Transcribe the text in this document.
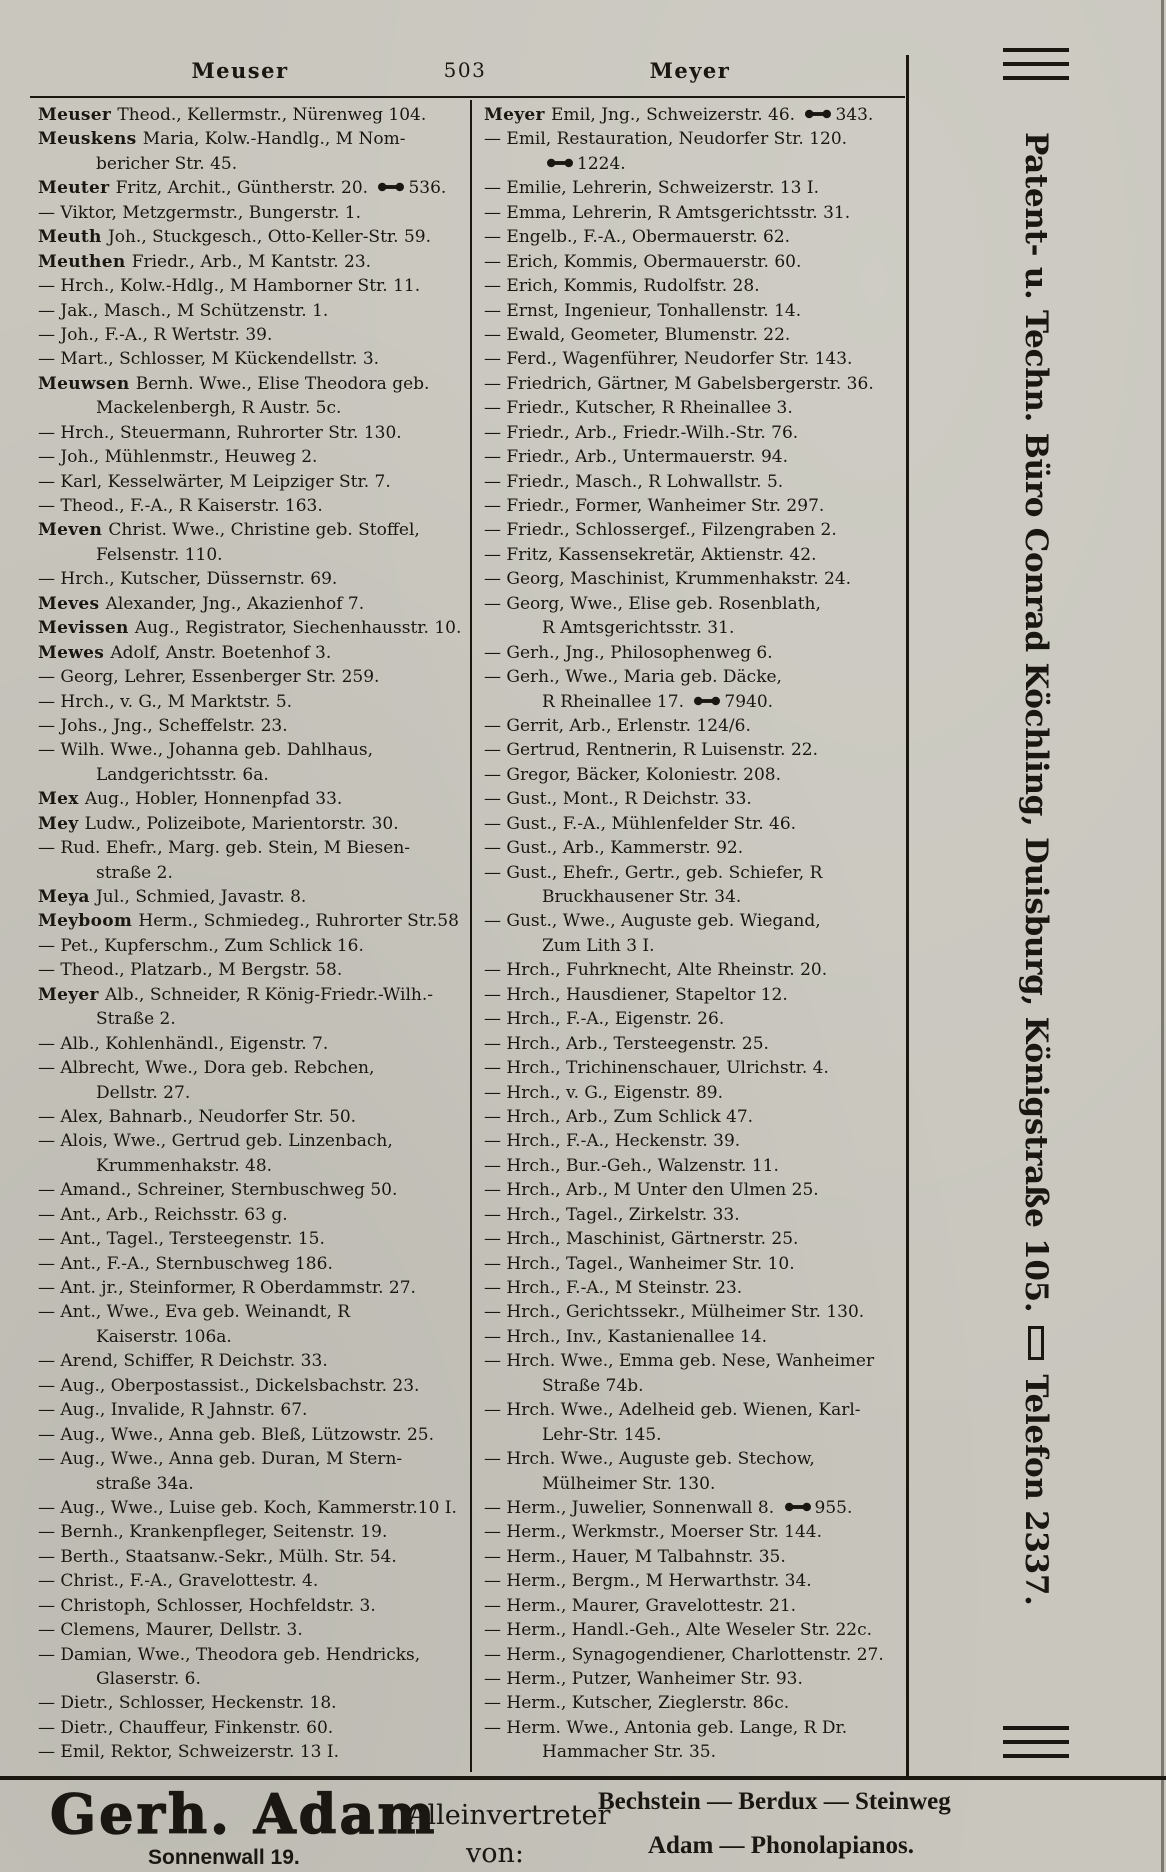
Meuser	503	Meyer
Meuser Theod., Kellermstr., Nürenweg 104.
Meuskens Maria, Kolw.-Handlg., M Nom-
bericher Str. 45.
Meuter Fritz, Archit., Güntherstr. 20.
536.
— Viktor, Metzgermstr., Bungerstr. 1.
Meuth Joh., Stuckgesch., Otto-Keller-Str. 59.
Meuthen Friedr., Arb., M Kantstr. 23.
— Hrch., Kolw.-Hdlg., M Hamborner Str. 11.
— Jak., Masch., M Schützenstr. 1.
— Joh., F.-A., R Wertstr. 39.
— Mart., Schlosser, M Kückendellstr. 3.
Meuwsen Bernh. Wwe., Elise Theodora geb.
Mackelenbergh, R Austr. 5c.
— Hrch., Steuermann, Ruhrorter Str. 130.
— Joh., Mühlenmstr., Heuweg 2.
— Karl, Kesselwärter, M Leipziger Str. 7.
— Theod., F.-A., R Kaiserstr. 163.
Meven Christ. Wwe., Christine geb. Stoffel,
Felsenstr. 110.
— Hrch., Kutscher, Düssernstr. 69.
Meves Alexander, Jng., Akazienhof 7.
Mevissen Aug., Registrator, Siechenhausstr. 10.
Mewes Adolf, Anstr. Boetenhof 3.
— Georg, Lehrer, Essenberger Str. 259.
— Hrch., v. G., M Marktstr. 5.
— Johs., Jng., Scheffelstr. 23.
— Wilh. Wwe., Johanna geb. Dahlhaus,
Landgerichtsstr. 6a.
Mex Aug., Hobler, Honnenpfad 33.
Mey Ludw., Polizeibote, Marientorstr. 30.
— Rud. Ehefr., Marg. geb. Stein, M Biesen-
straße 2.
Meya Jul., Schmied, Javastr. 8.
Meyboom Herm., Schmiedeg., Ruhrorter Str.58
— Pet., Kupferschm., Zum Schlick 16.
— Theod., Platzarb., M Bergstr. 58.
Meyer Alb., Schneider, R König-Friedr.-Wilh.-
Straße 2.
— Alb., Kohlenhändl., Eigenstr. 7.
— Albrecht, Wwe., Dora geb. Rebchen,
Dellstr. 27.
— Alex, Bahnarb., Neudorfer Str. 50.
— Alois, Wwe., Gertrud geb. Linzenbach,
Krummenhakstr. 48.
— Amand., Schreiner, Sternbuschweg 50.
— Ant., Arb., Reichsstr. 63 g.
— Ant., Tagel., Tersteegenstr. 15.
— Ant., F.-A., Sternbuschweg 186.
— Ant. jr., Steinformer, R Oberdammstr. 27.
— Ant., Wwe., Eva geb. Weinandt, R
Kaiserstr. 106a.
— Arend, Schiffer, R Deichstr. 33.
— Aug., Oberpostassist., Dickelsbachstr. 23.
— Aug., Invalide, R Jahnstr. 67.
— Aug., Wwe., Anna geb. Bleß, Lützowstr. 25.
— Aug., Wwe., Anna geb. Duran, M Stern-
straße 34a.
— Aug., Wwe., Luise geb. Koch, Kammerstr.10 I.
— Bernh., Krankenpfleger, Seitenstr. 19.
— Berth., Staatsanw.-Sekr., Mülh. Str. 54.
— Christ., F.-A., Gravelottestr. 4.
— Christoph, Schlosser, Hochfeldstr. 3.
— Clemens, Maurer, Dellstr. 3.
— Damian, Wwe., Theodora geb. Hendricks,
Glaserstr. 6.
— Dietr., Schlosser, Heckenstr. 18.
— Dietr., Chauffeur, Finkenstr. 60.
— Emil, Rektor, Schweizerstr. 13 I.
Meyer Emil, Jng., Schweizerstr. 46.
343.
— Emil, Restauration, Neudorfer Str. 120.
1224.
— Emilie, Lehrerin, Schweizerstr. 13 I.
— Emma, Lehrerin, R Amtsgerichtsstr. 31.
— Engelb., F.-A., Obermauerstr. 62.
— Erich, Kommis, Obermauerstr. 60.
— Erich, Kommis, Rudolfstr. 28.
— Ernst, Ingenieur, Tonhallenstr. 14.
— Ewald, Geometer, Blumenstr. 22.
— Ferd., Wagenführer, Neudorfer Str. 143.
— Friedrich, Gärtner, M Gabelsbergerstr. 36.
— Friedr., Kutscher, R Rheinallee 3.
— Friedr., Arb., Friedr.-Wilh.-Str. 76.
— Friedr., Arb., Untermauerstr. 94.
— Friedr., Masch., R Lohwallstr. 5.
— Friedr., Former, Wanheimer Str. 297.
— Friedr., Schlossergef., Filzengraben 2.
— Fritz, Kassensekretär, Aktienstr. 42.
— Georg, Maschinist, Krummenhakstr. 24.
— Georg, Wwe., Elise geb. Rosenblath,
R Amtsgerichtsstr. 31.
— Gerh., Jng., Philosophenweg 6.
— Gerh., Wwe., Maria geb. Däcke,
R Rheinallee 17.
7940.
— Gerrit, Arb., Erlenstr. 124/6.
— Gertrud, Rentnerin, R Luisenstr. 22.
— Gregor, Bäcker, Koloniestr. 208.
— Gust., Mont., R Deichstr. 33.
— Gust., F.-A., Mühlenfelder Str. 46.
— Gust., Arb., Kammerstr. 92.
— Gust., Ehefr., Gertr., geb. Schiefer, R
Bruckhausener Str. 34.
— Gust., Wwe., Auguste geb. Wiegand,
Zum Lith 3 I.
— Hrch., Fuhrknecht, Alte Rheinstr. 20.
— Hrch., Hausdiener, Stapeltor 12.
— Hrch., F.-A., Eigenstr. 26.
— Hrch., Arb., Tersteegenstr. 25.
— Hrch., Trichinenschauer, Ulrichstr. 4.
— Hrch., v. G., Eigenstr. 89.
— Hrch., Arb., Zum Schlick 47.
— Hrch., F.-A., Heckenstr. 39.
— Hrch., Bur.-Geh., Walzenstr. 11.
— Hrch., Arb., M Unter den Ulmen 25.
— Hrch., Tagel., Zirkelstr. 33.
— Hrch., Maschinist, Gärtnerstr. 25.
— Hrch., Tagel., Wanheimer Str. 10.
— Hrch., F.-A., M Steinstr. 23.
— Hrch., Gerichtssekr., Mülheimer Str. 130.
— Hrch., Inv., Kastanienallee 14.
— Hrch. Wwe., Emma geb. Nese, Wanheimer
Straße 74b.
— Hrch. Wwe., Adelheid geb. Wienen, Karl-
Lehr-Str. 145.
— Hrch. Wwe., Auguste geb. Stechow,
Mülheimer Str. 130.
— Herm., Juwelier, Sonnenwall 8.
955.
— Herm., Werkmstr., Moerser Str. 144.
— Herm., Hauer, M Talbahnstr. 35.
— Herm., Bergm., M Herwarthstr. 34.
— Herm., Maurer, Gravelottestr. 21.
— Herm., Handl.-Geh., Alte Weseler Str. 22c.
— Herm., Synagogendiener, Charlottenstr. 27.
— Herm., Putzer, Wanheimer Str. 93.
— Herm., Kutscher, Zieglerstr. 86c.
— Herm. Wwe., Antonia geb. Lange, R Dr.
Hammacher Str. 35.
Patent- u. Techn. Büro Conrad Köchling, Duisburg, Königstraße 105.
Telefon 2337.
Gerh. Adam
Sonnenwall 19.
Alleinvertreter
von:
Bechstein — Berdux — Steinweg
Adam — Phonolapianos.
